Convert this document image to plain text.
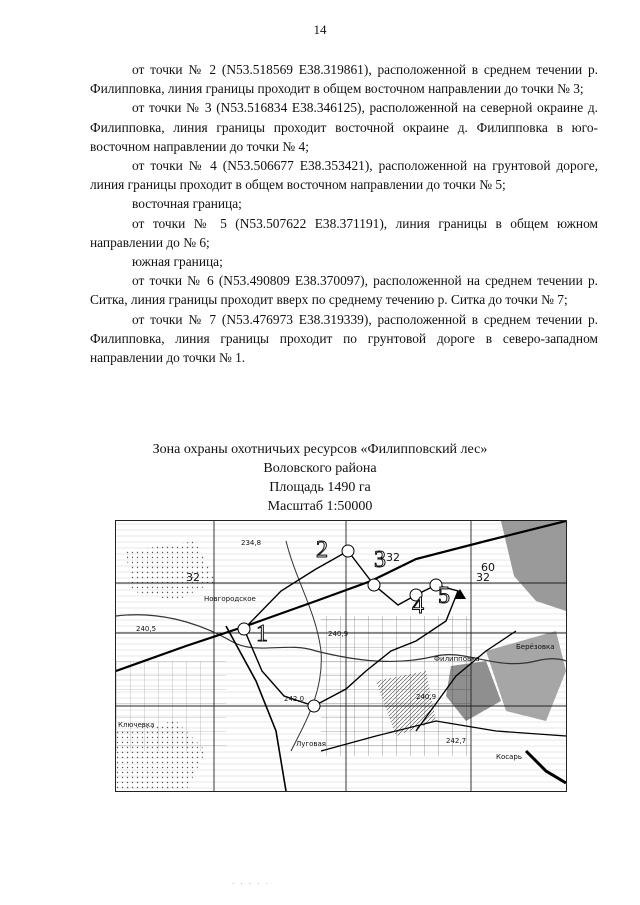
14

от точки № 2 (N53.518569 E38.319861), расположенной в среднем течении р. Филипповка, линия границы проходит в общем восточном направлении до точки № 3;

от точки № 3 (N53.516834 E38.346125), расположенной на северной окраине д. Филипповка, линия границы проходит восточной окраине д. Филипповка в юго-восточном направлении до точки № 4;

от точки № 4 (N53.506677 E38.353421), расположенной на грунтовой дороге, линия границы проходит в общем восточном направлении до точки № 5;

восточная граница;

от точки № 5 (N53.507622 E38.371191), линия границы в общем южном направлении до № 6;

южная граница;

от точки № 6 (N53.490809 E38.370097), расположенной на среднем течении р. Ситка, линия границы проходит вверх по среднему течению р. Ситка до точки № 7;

от точки № 7 (N53.476973 E38.319339), расположенной в среднем течении р. Филипповка, линия границы проходит по грунтовой дороге в северо-западном направлении до точки № 1.

Зона охраны охотничьих ресурсов «Филипповский лес»
Воловского района
Площадь 1490 га
Масштаб 1:50000
1
2 3
4 5
32
32
32
60
Новгородское
Филипповка
Луговая
Ключевка
Косарь
Берёзовка
234,8
242,0
240,9
240,9
242,7
240,5
· · · · ·
